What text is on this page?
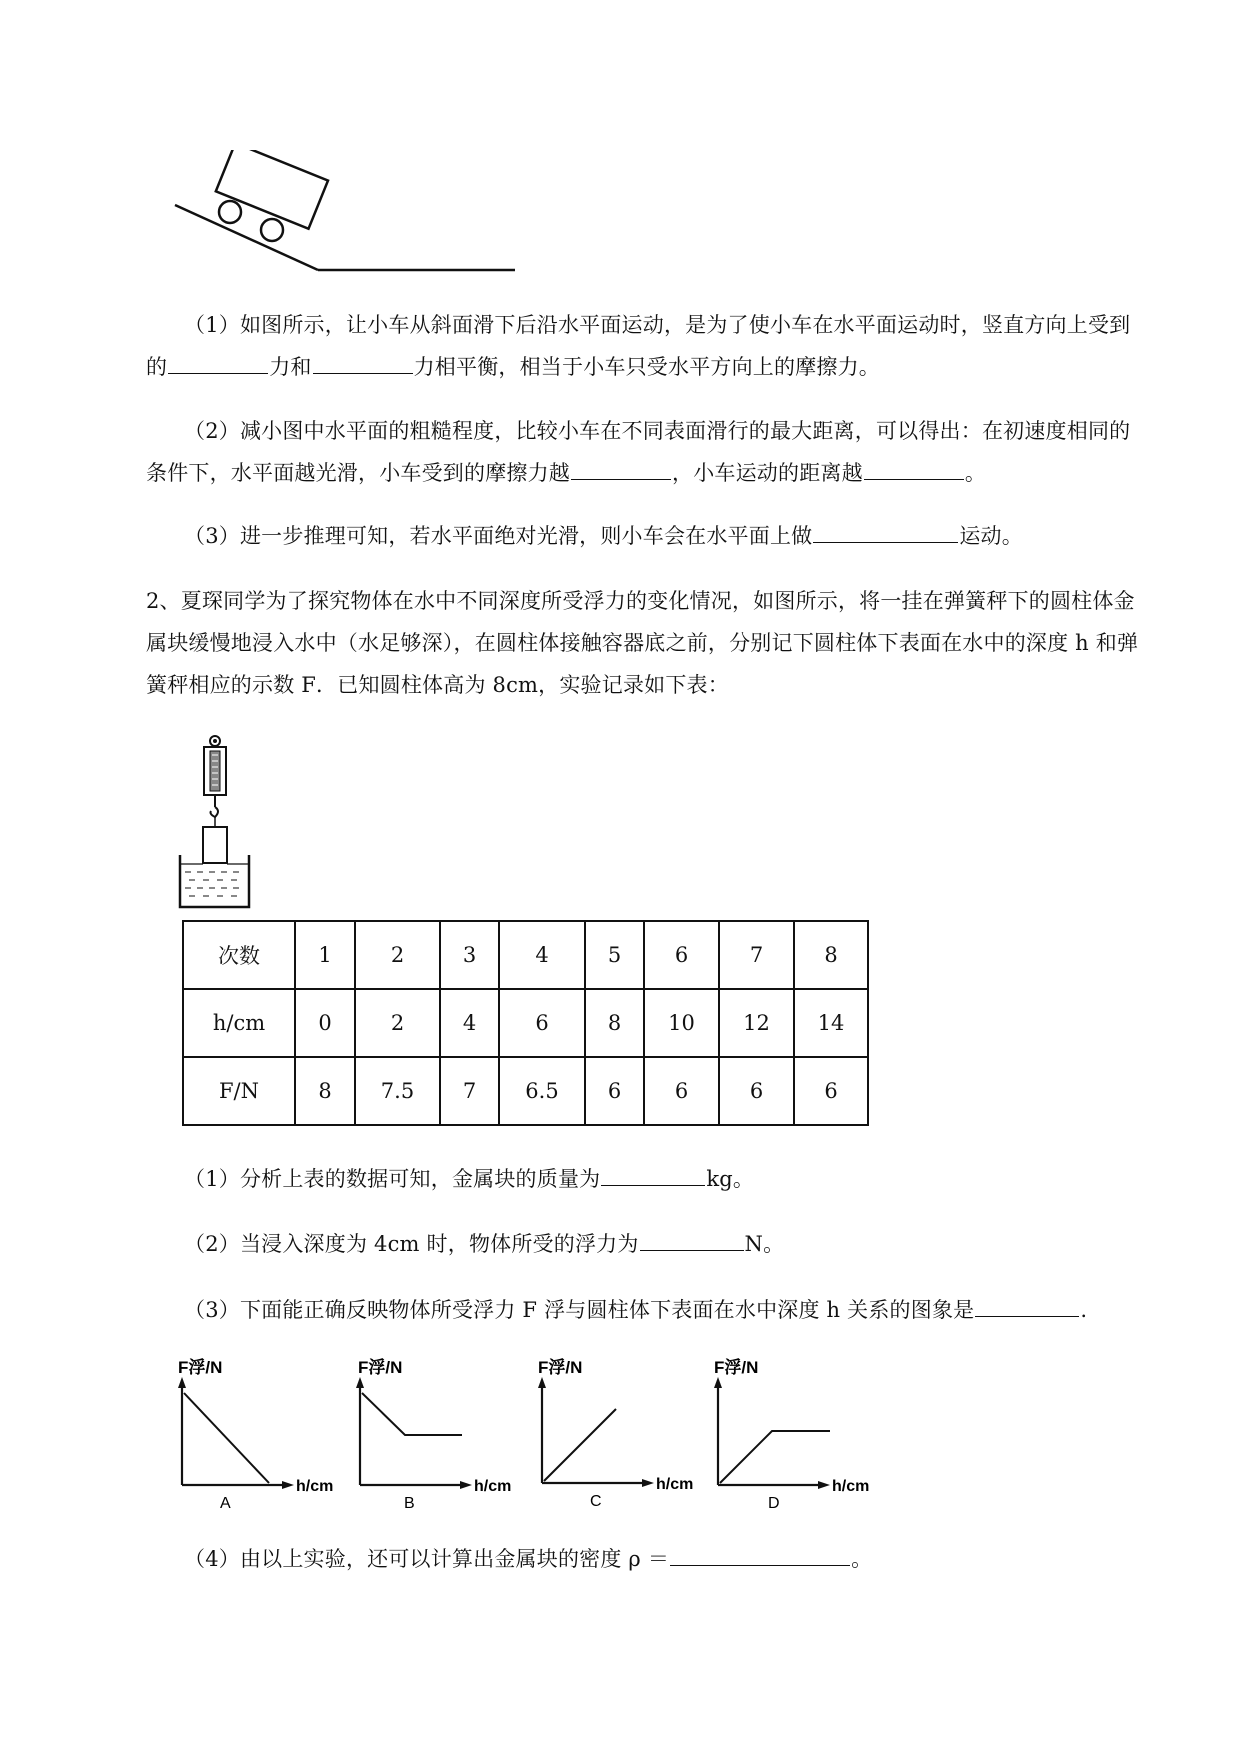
（1）如图所示，让小车从斜面滑下后沿水平面运动，是为了使小车在水平面运动时，竖直方向上受到的	力和	力相平衡，相当于小车只受水平方向上的摩擦力。
（2）减小图中水平面的粗糙程度，比较小车在不同表面滑行的最大距离，可以得出：在初速度相同的条件下，水平面越光滑，小车受到的摩擦力越	，小车运动的距离越	。
（3）进一步推理可知，若水平面绝对光滑，则小车会在水平面上做	运动。
2、夏琛同学为了探究物体在水中不同深度所受浮力的变化情况，如图所示，将一挂在弹簧秤下的圆柱体金属块缓慢地浸入水中（水足够深），在圆柱体接触容器底之前，分别记下圆柱体下表面在水中的深度 h 和弹簧秤相应的示数 F．已知圆柱体高为 8cm，实验记录如下表：
次数	1	2	3	4	5	6	7	8
h/cm	0	2	4	6	8	10	12	14
F/N	8	7.5	7	6.5	6	6	6	6
（1）分析上表的数据可知，金属块的质量为	kg。
（2）当浸入深度为 4cm 时，物体所受的浮力为	N。
（3）下面能正确反映物体所受浮力 F 浮与圆柱体下表面在水中深度 h 关系的图象是	.
F浮/N
h/cm
A
F浮/N
h/cm
B
F浮/N
h/cm
C
F浮/N
h/cm
D
（4）由以上实验，还可以计算出金属块的密度 ρ ＝	。
